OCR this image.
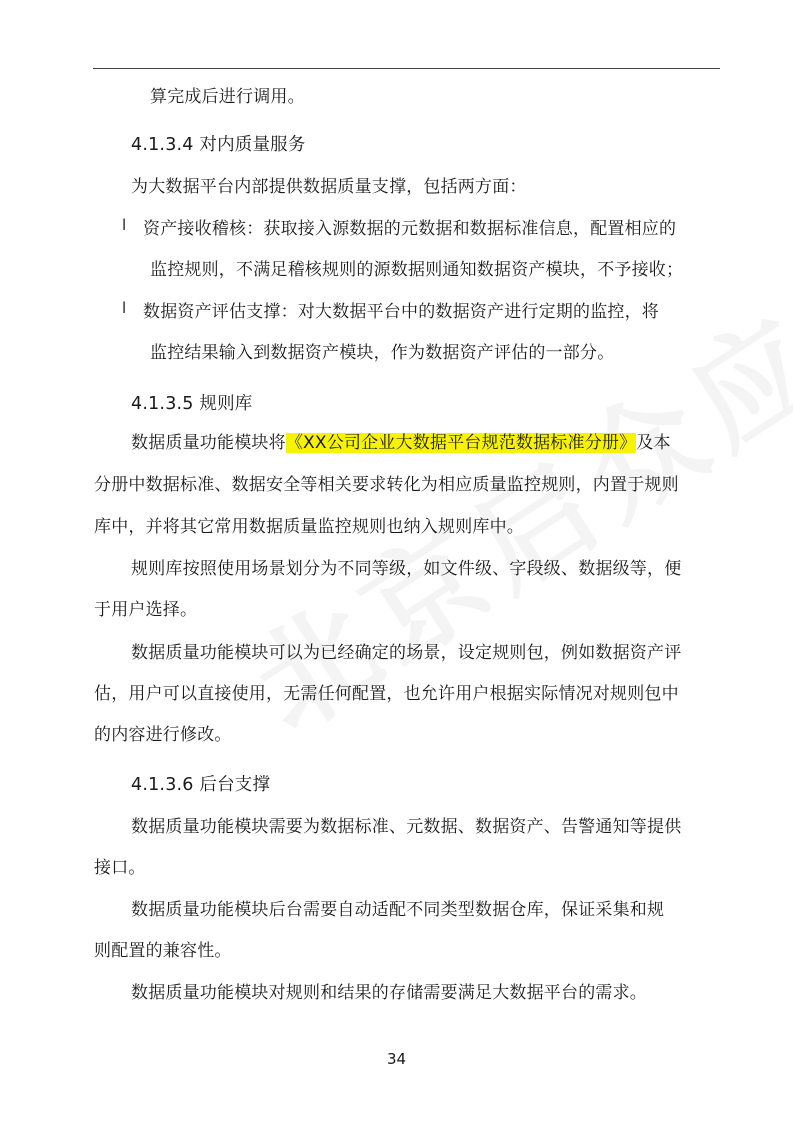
算完成后进行调用。
4.1.3.4 对内质量服务
为大数据平台内部提供数据质量支撑，包括两方面：
l 资产接收稽核：获取接入源数据的元数据和数据标准信息，配置相应的
监控规则，不满足稽核规则的源数据则通知数据资产模块，不予接收；
l 数据资产评估支撑：对大数据平台中的数据资产进行定期的监控，将
监控结果输入到数据资产模块，作为数据资产评估的一部分。
4.1.3.5 规则库
数据质量功能模块将《XX公司企业大数据平台规范数据标准分册》及本
分册中数据标准、数据安全等相关要求转化为相应质量监控规则，内置于规则
库中，并将其它常用数据质量监控规则也纳入规则库中。
规则库按照使用场景划分为不同等级，如文件级、字段级、数据级等，便
于用户选择。
数据质量功能模块可以为已经确定的场景，设定规则包，例如数据资产评
估，用户可以直接使用，无需任何配置，也允许用户根据实际情况对规则包中
的内容进行修改。
4.1.3.6 后台支撑
数据质量功能模块需要为数据标准、元数据、数据资产、告警通知等提供
接口。
数据质量功能模块后台需要自动适配不同类型数据仓库，保证采集和规
则配置的兼容性。
数据质量功能模块对规则和结果的存储需要满足大数据平台的需求。
34
